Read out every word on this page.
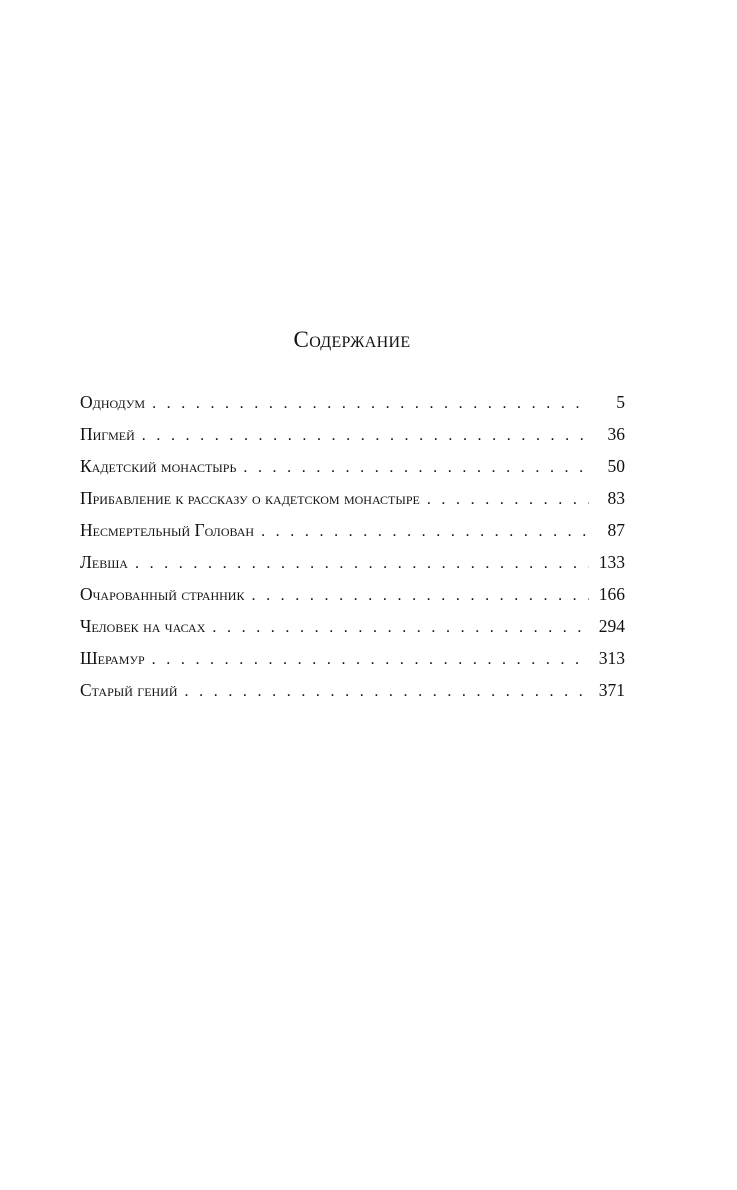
Содержание
Однодум . . .	5
Пигмей . . .	36
Кадетский монастырь . . .	50
Прибавление к рассказу о кадетском монастыре . . .	83
Несмертельный Голован . . .	87
Левша . . .	133
Очарованный странник . . .	166
Человек на часах . . .	294
Шерамур . . .	313
Старый гений . . .	371
